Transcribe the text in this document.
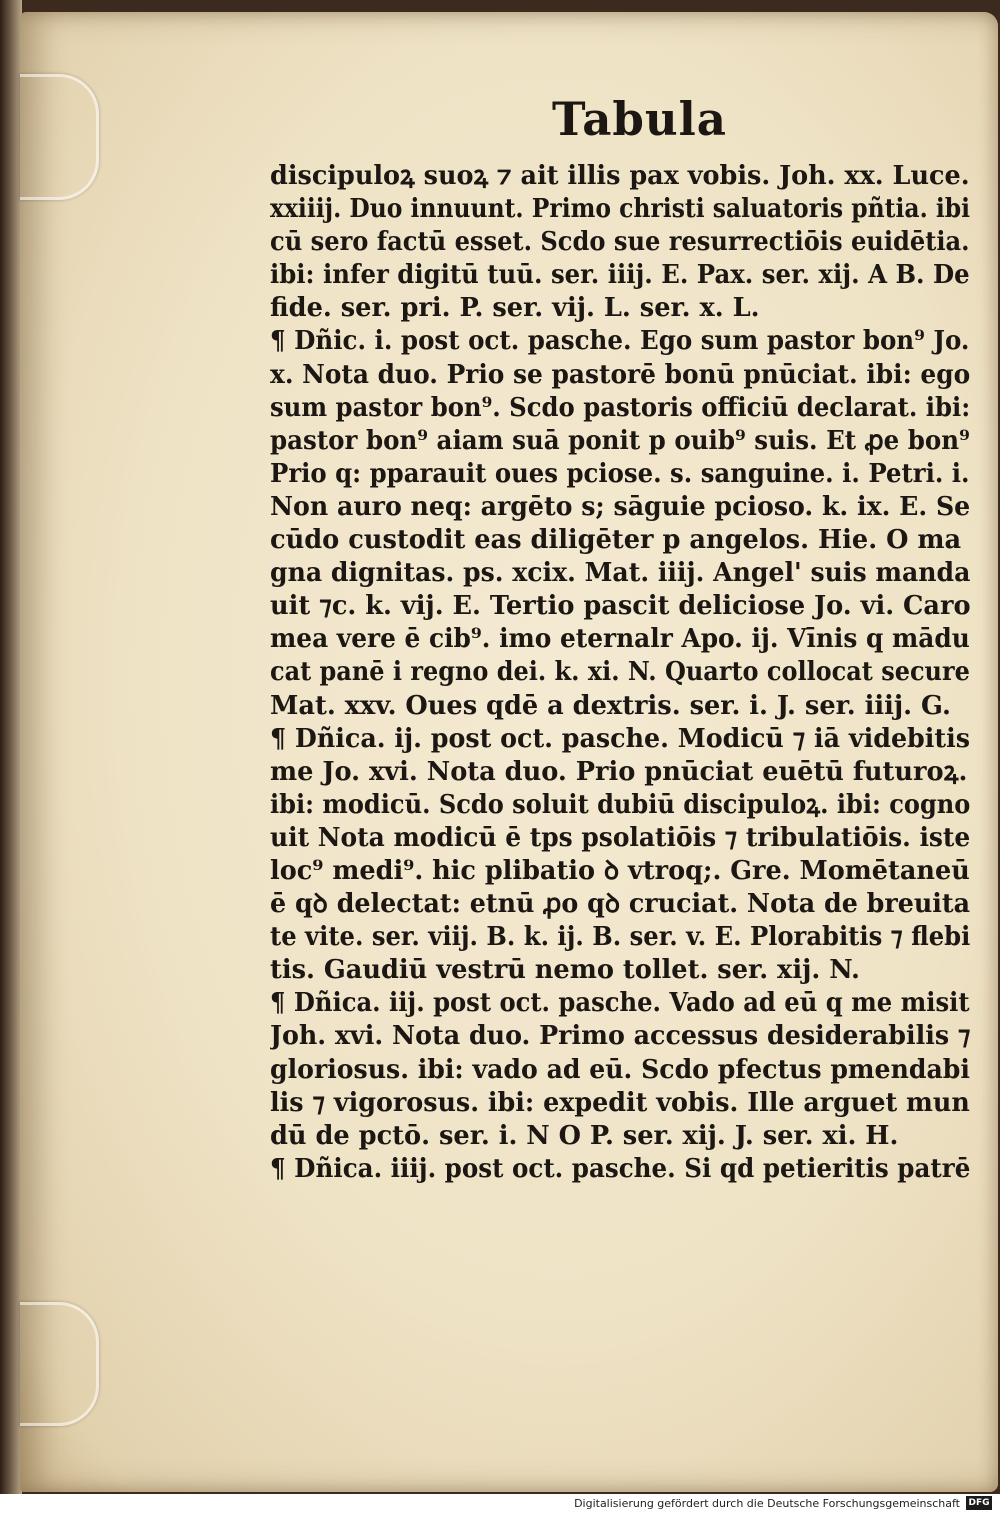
Tabula
discipuloꝝ suoꝝ ⁊ ait illis pax vobis. Joh. xx. Luce.
xxiiij. Duo innuunt. Primo christi saluatoris pñtia. ibi
cū sero factū esset. Scdo sue resurrectiōis euidētia.
ibi: infer digitū tuū. ser. iiij. E. Pax. ser. xij. A B. De
fide. ser. pri. P. ser. vij. L. ser. x. L.
¶ Dñic. i. post oct. pasche. Ego sum pastor bon⁹ Jo.
x. Nota duo. Prio se pastorē bonū pnūciat. ibi: ego
sum pastor bon⁹. Scdo pastoris officiū declarat. ibi:
pastor bon⁹ aiam suā ponit p ouib⁹ suis. Et ꝓe bon⁹
Prio q: pparauit oues pciose. s. sanguine. i. Petri. i.
Non auro neq: argēto s; sāguie pcioso. k. ix. E. Se
cūdo custodit eas diligēter p angelos. Hie. O ma
gna dignitas. ps. xcix. Mat. iiij. Angel' suis manda
uit ⁊c. k. vij. E. Tertio pascit deliciose Jo. vi. Caro
mea vere ē cib⁹. imo eternalr Apo. ij. Vīnis q mādu
cat panē i regno dei. k. xi. N. Quarto collocat secure
Mat. xxv. Oues qdē a dextris. ser. i. J. ser. iiij. G.
¶ Dñica. ij. post oct. pasche. Modicū ⁊ iā videbitis
me Jo. xvi. Nota duo. Prio pnūciat euētū futuroꝝ.
ibi: modicū. Scdo soluit dubiū discipuloꝝ. ibi: cogno
uit Nota modicū ē tps psolatiōis ⁊ tribulatiōis. iste
loc⁹ medi⁹. hic plibatio ꝺ vtroq;. Gre. Momētaneū
ē qꝺ delectat: etnū ꝓo qꝺ cruciat. Nota de breuita
te vite. ser. viij. B. k. ij. B. ser. v. E. Plorabitis ⁊ flebi
tis. Gaudiū vestrū nemo tollet. ser. xij. N.
¶ Dñica. iij. post oct. pasche. Vado ad eū q me misit
Joh. xvi. Nota duo. Primo accessus desiderabilis ⁊
gloriosus. ibi: vado ad eū. Scdo pfectus pmendabi
lis ⁊ vigorosus. ibi: expedit vobis. Ille arguet mun
dū de pctō. ser. i. N O P. ser. xij. J. ser. xi. H.
¶ Dñica. iiij. post oct. pasche. Si qd petieritis patrē
Digitalisierung gefördert durch die Deutsche Forschungsgemeinschaft DFG
